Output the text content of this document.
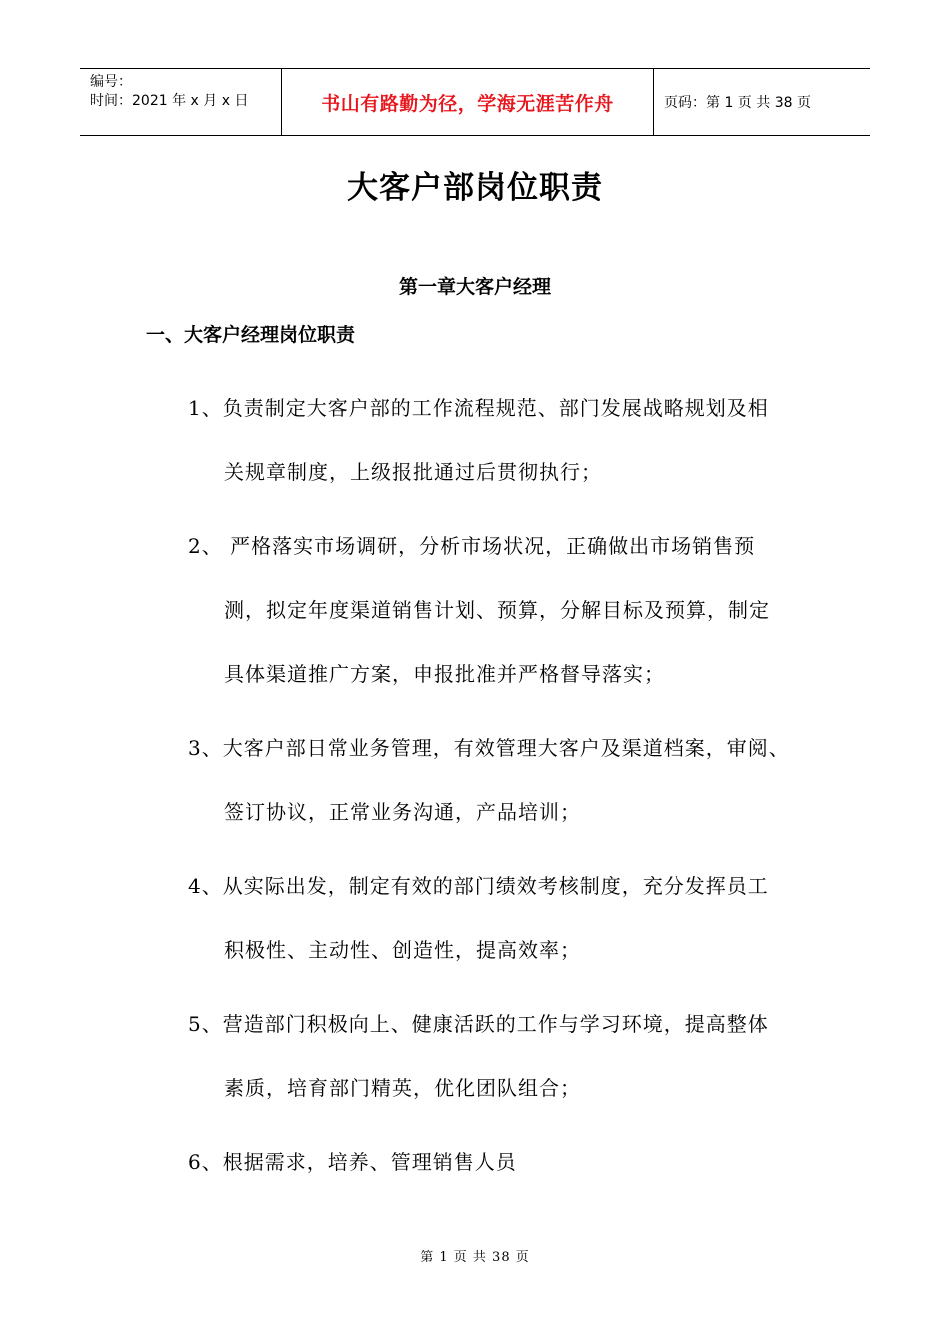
编号：
时间：2021 年 x 月 x 日	书山有路勤为径，学海无涯苦作舟	页码：第 1 页 共 38 页
大客户部岗位职责
第一章大客户经理
一、大客户经理岗位职责
1、负责制定大客户部的工作流程规范、部门发展战略规划及相
关规章制度，上级报批通过后贯彻执行；
2、 严格落实市场调研，分析市场状况，正确做出市场销售预
测，拟定年度渠道销售计划、预算，分解目标及预算，制定
具体渠道推广方案，申报批准并严格督导落实；
3、大客户部日常业务管理，有效管理大客户及渠道档案，审阅、
签订协议，正常业务沟通，产品培训；
4、从实际出发，制定有效的部门绩效考核制度，充分发挥员工
积极性、主动性、创造性，提高效率；
5、营造部门积极向上、健康活跃的工作与学习环境，提高整体
素质，培育部门精英，优化团队组合；
6、根据需求，培养、管理销售人员
第 1 页 共 38 页
